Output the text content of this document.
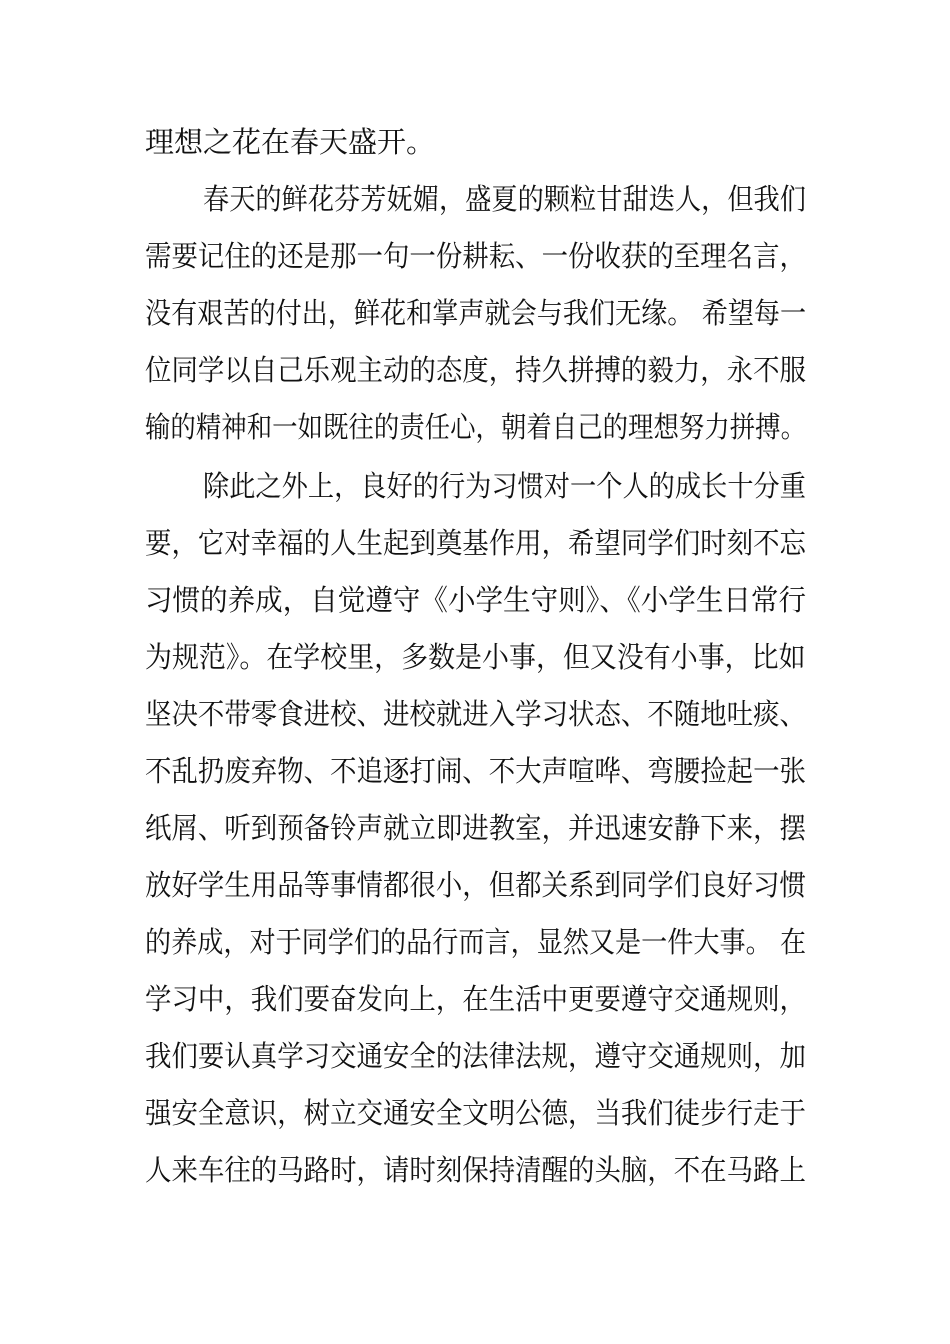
理想之花在春天盛开。
春天的鲜花芬芳妩媚，盛夏的颗粒甘甜迭人，但我们
需要记住的还是那一句一份耕耘、一份收获的至理名言，
没有艰苦的付出，鲜花和掌声就会与我们无缘。 希望每一
位同学以自己乐观主动的态度，持久拼搏的毅力，永不服
输的精神和一如既往的责任心，朝着自己的理想努力拼搏。
除此之外上，良好的行为习惯对一个人的成长十分重
要，它对幸福的人生起到奠基作用，希望同学们时刻不忘
习惯的养成，自觉遵守《小学生守则》、《小学生日常行
为规范》。在学校里，多数是小事，但又没有小事，比如
坚决不带零食进校、进校就进入学习状态、不随地吐痰、
不乱扔废弃物、不追逐打闹、不大声喧哗、弯腰捡起一张
纸屑、听到预备铃声就立即进教室，并迅速安静下来，摆
放好学生用品等事情都很小，但都关系到同学们良好习惯
的养成，对于同学们的品行而言，显然又是一件大事。 在
学习中，我们要奋发向上，在生活中更要遵守交通规则，
我们要认真学习交通安全的法律法规，遵守交通规则，加
强安全意识，树立交通安全文明公德，当我们徒步行走于
人来车往的马路时，请时刻保持清醒的头脑，不在马路上
